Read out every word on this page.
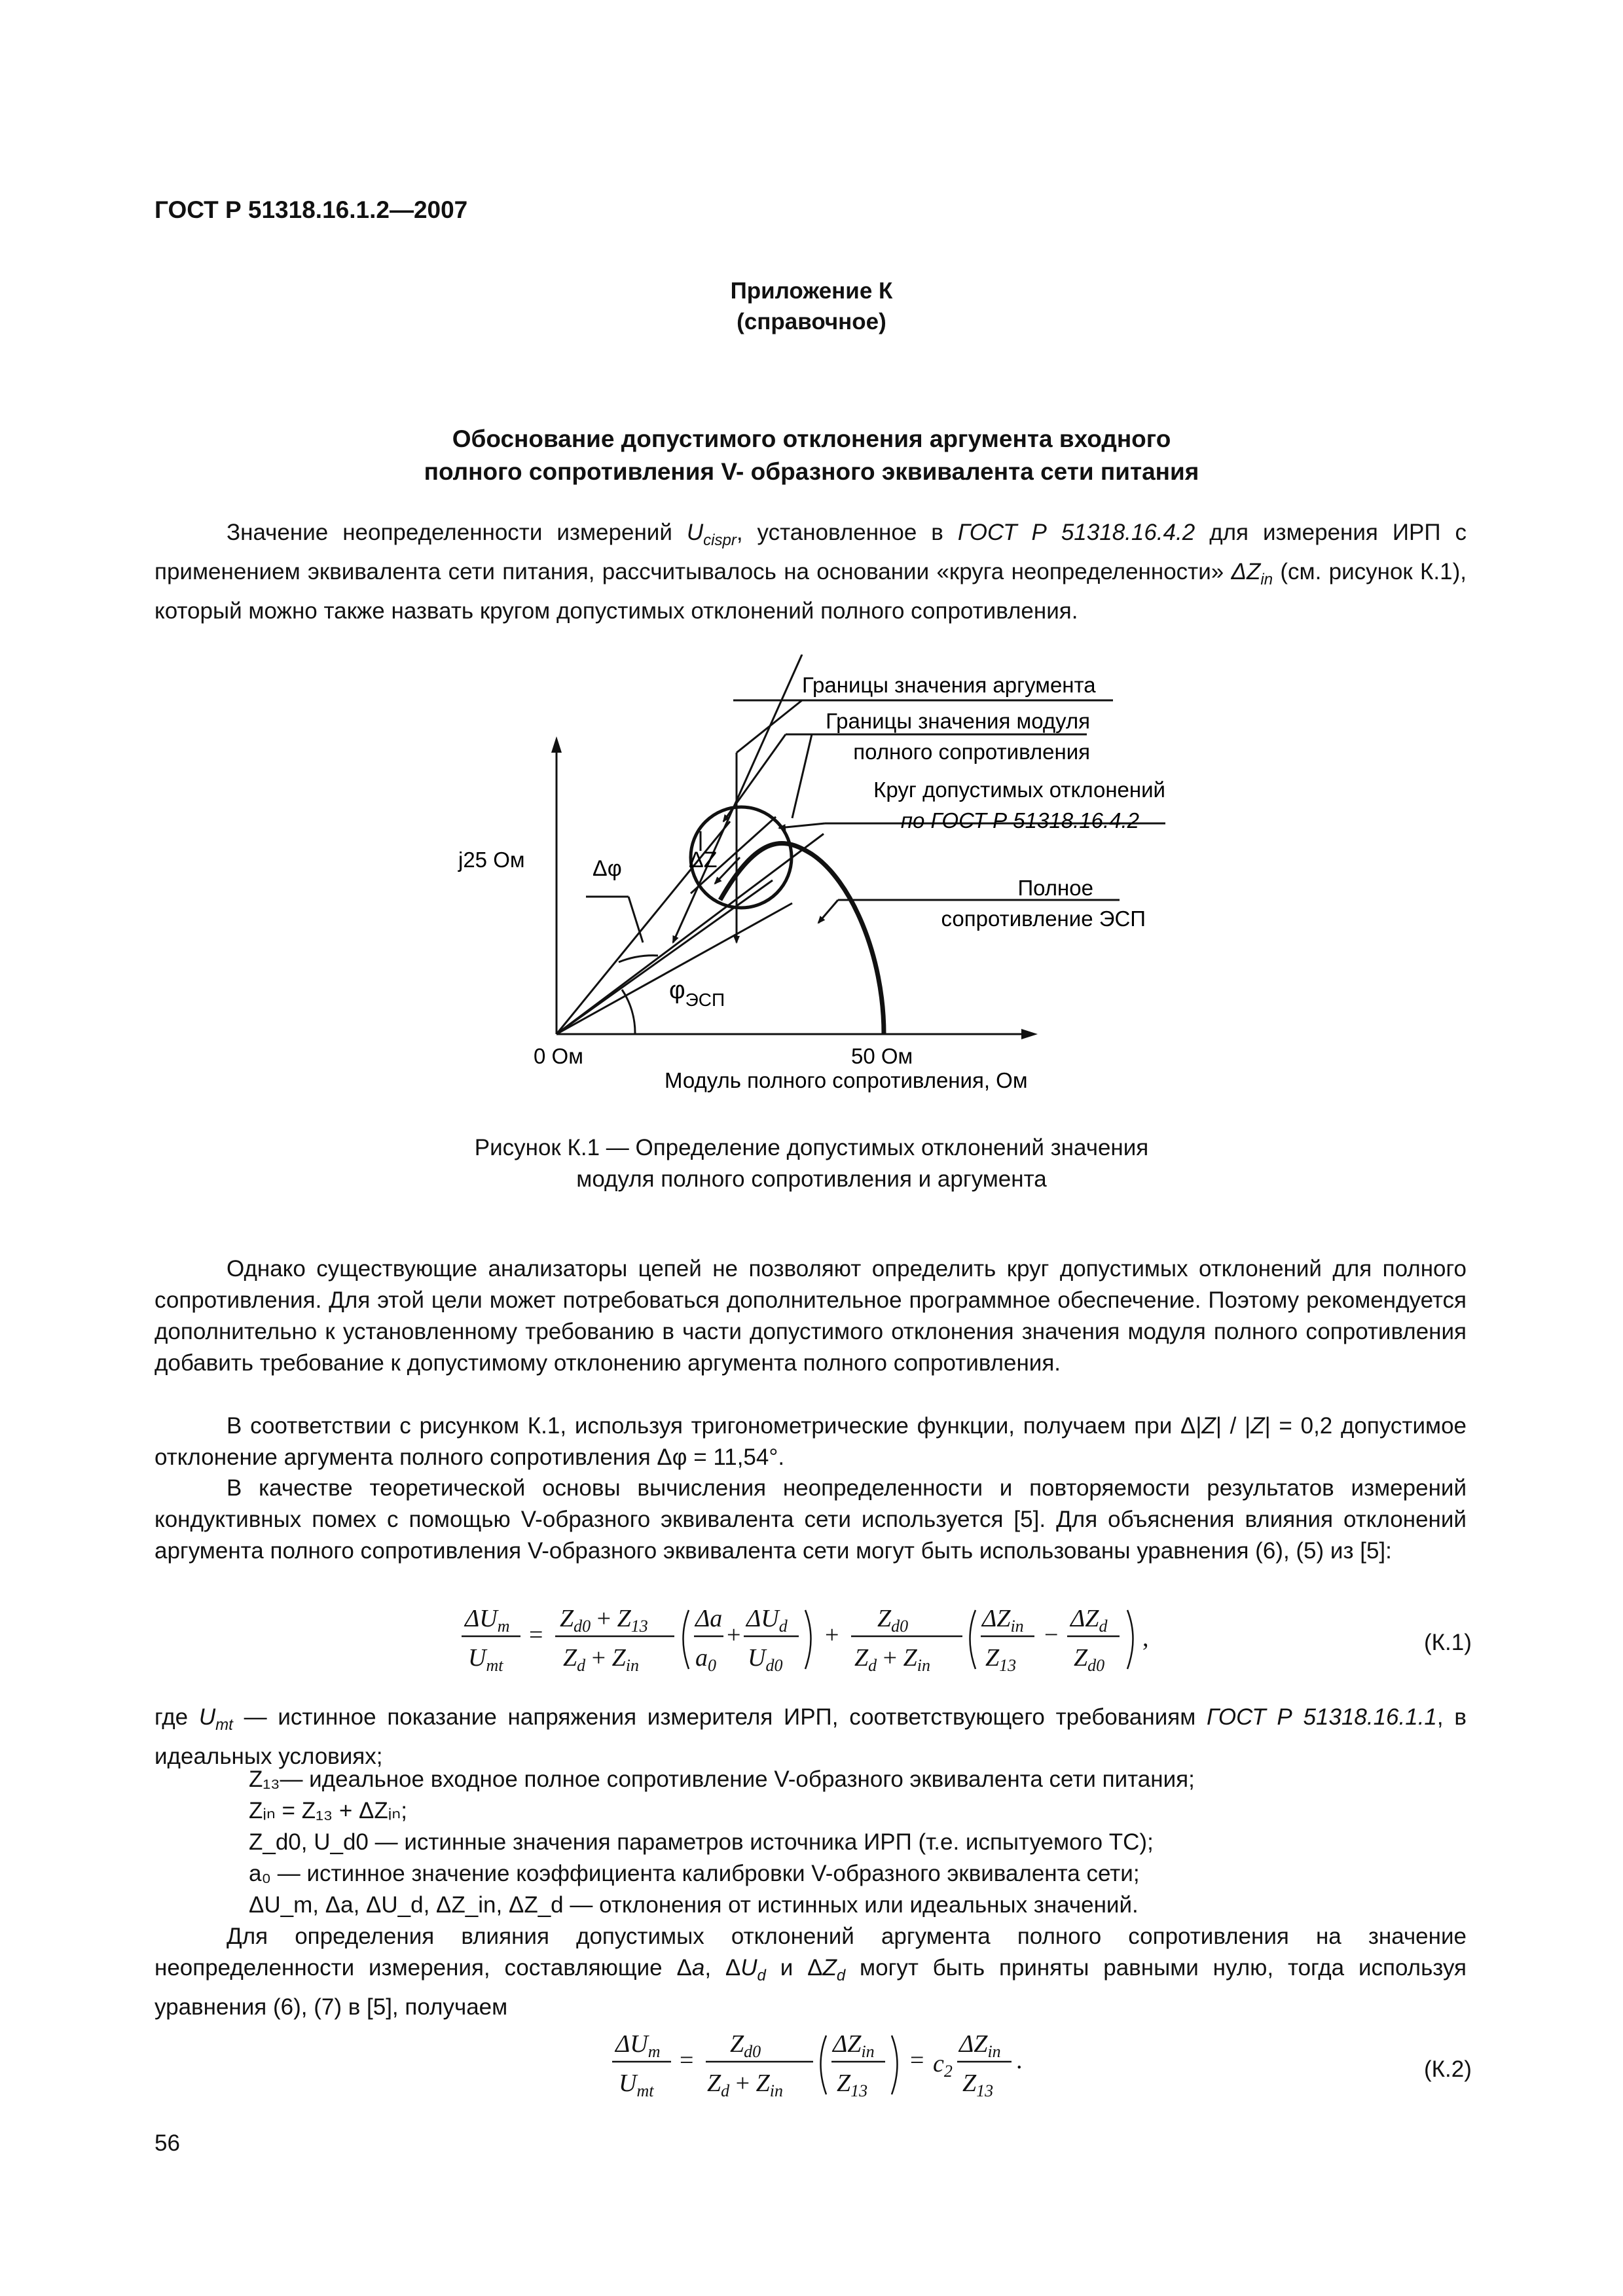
ГОСТ Р 51318.16.1.2—2007
Приложение К
(справочное)
Обоснование допустимого отклонения аргумента входного
полного сопротивления V- образного эквивалента сети питания
Значение неопределенности измерений $U_{cispr}$, установленное в ГОСТ Р 51318.16.4.2 для измерения ИРП с применением эквивалента сети питания, рассчитывалось на основании «круга неопределенности» $\Delta Z_{in}$ (см. рисунок К.1), который можно также назвать кругом допустимых отклонений полного сопротивления.
Границы значения аргумента
Границы значения модуля
полного сопротивления
Круг допустимых отклонений
по ГОСТ Р 51318.16.4.2
Полное
сопротивление ЭСП
j25 Ом	Δφ	ΔZ
$\varphi_{ЭСП}$
0 Ом	50 Ом
Модуль полного сопротивления, Ом
Рисунок К.1 — Определение допустимых отклонений значения
модуля полного сопротивления и аргумента
Однако существующие анализаторы цепей не позволяют определить круг допустимых отклонений для полного сопротивления. Для этой цели может потребоваться дополнительное программное обеспечение. Поэтому рекомендуется дополнительно к установленному требованию в части допустимого отклонения значения модуля полного сопротивления добавить требование к допустимому отклонению аргумента полного сопротивления.
В соответствии с рисунком К.1, используя тригонометрические функции, получаем при Δ|Z| / |Z| = 0,2 допустимое отклонение аргумента полного сопротивления Δφ = 11,54°.
В качестве теоретической основы вычисления неопределенности и повторяемости результатов измерений кондуктивных помех с помощью V-образного эквивалента сети используется [5]. Для объяснения влияния отклонений аргумента полного сопротивления V-образного эквивалента сети могут быть использованы уравнения (6), (5) из [5]:
$\Delta U_m$
$U_{mt}$
=
$Z_{d0} + Z_{13}$
$Z_d + Z_{in}$
Δa
$a_0$
+
$\Delta U_d$
$U_{d0}$
+
$Z_{d0}$
$Z_d + Z_{in}$
$\Delta Z_{in}$
$Z_{13}$
−
$\Delta Z_d$
$Z_{d0}$
,	(К.1)
где $U_{mt}$ — истинное показание напряжения измерителя ИРП, соответствующего требованиям ГОСТ Р 51318.16.1.1, в идеальных условиях;
Z₁₃— идеальное входное полное сопротивление V-образного эквивалента сети питания;
Zᵢₙ = Z₁₃ + ΔZᵢₙ;
Z_d0, U_d0 — истинные значения параметров источника ИРП (т.е. испытуемого ТС);
a₀ — истинное значение коэффициента калибровки V-образного эквивалента сети;
ΔU_m, Δa, ΔU_d, ΔZ_in, ΔZ_d — отклонения от истинных или идеальных значений.
Для определения влияния допустимых отклонений аргумента полного сопротивления на значение неопределенности измерения, составляющие Δa, $\Delta U_d$ и $\Delta Z_d$ могут быть приняты равными нулю, тогда используя уравнения (6), (7) в [5], получаем
$\Delta U_m$
$U_{mt}$
=
$Z_{d0}$
$Z_d + Z_{in}$
$\Delta Z_{in}$
$Z_{13}$
= $c_2$
$\Delta Z_{in}$
$Z_{13}$
.	(К.2)
56
